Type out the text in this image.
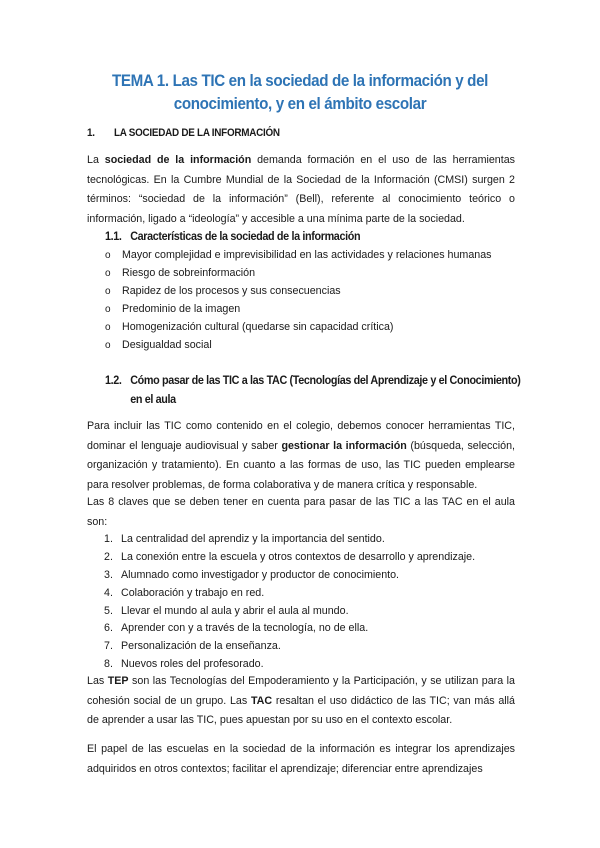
TEMA 1. Las TIC en la sociedad de la información y del conocimiento, y en el ámbito escolar
1. LA SOCIEDAD DE LA INFORMACIÓN
La sociedad de la información demanda formación en el uso de las herramientas tecnológicas. En la Cumbre Mundial de la Sociedad de la Información (CMSI) surgen 2 términos: “sociedad de la información” (Bell), referente al conocimiento teórico o información, ligado a “ideología” y accesible a una mínima parte de la sociedad.
1.1. Características de la sociedad de la información
o Mayor complejidad e imprevisibilidad en las actividades y relaciones humanas
o Riesgo de sobreinformación
o Rapidez de los procesos y sus consecuencias
o Predominio de la imagen
o Homogenización cultural (quedarse sin capacidad crítica)
o Desigualdad social
1.2. Cómo pasar de las TIC a las TAC (Tecnologías del Aprendizaje y el Conocimiento)
en el aula
Para incluir las TIC como contenido en el colegio, debemos conocer herramientas TIC, dominar el lenguaje audiovisual y saber gestionar la información (búsqueda, selección, organización y tratamiento). En cuanto a las formas de uso, las TIC pueden emplearse para resolver problemas, de forma colaborativa y de manera crítica y responsable.
Las 8 claves que se deben tener en cuenta para pasar de las TIC a las TAC en el aula son:
1. La centralidad del aprendiz y la importancia del sentido.
2. La conexión entre la escuela y otros contextos de desarrollo y aprendizaje.
3. Alumnado como investigador y productor de conocimiento.
4. Colaboración y trabajo en red.
5. Llevar el mundo al aula y abrir el aula al mundo.
6. Aprender con y a través de la tecnología, no de ella.
7. Personalización de la enseñanza.
8. Nuevos roles del profesorado.
Las TEP son las Tecnologías del Empoderamiento y la Participación, y se utilizan para la cohesión social de un grupo. Las TAC resaltan el uso didáctico de las TIC; van más allá de aprender a usar las TIC, pues apuestan por su uso en el contexto escolar.
El papel de las escuelas en la sociedad de la información es integrar los aprendizajes adquiridos en otros contextos; facilitar el aprendizaje; diferenciar entre aprendizajes
